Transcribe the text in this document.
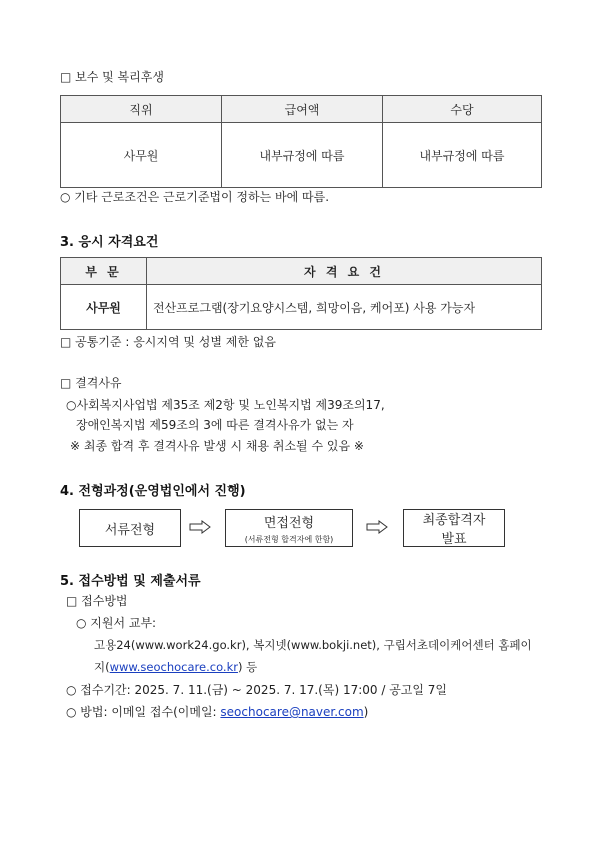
□ 보수 및 복리후생
직위	급여액	수당
사무원	내부규정에 따름	내부규정에 따름
○ 기타 근로조건은 근로기준법이 정하는 바에 따름.
3. 응시 자격요건
부 문	자 격 요 건
사무원	전산프로그램(장기요양시스템, 희망이음, 케어포) 사용 가능자
□ 공통기준 : 응시지역 및 성별 제한 없음
□ 결격사유
○사회복지사업법 제35조 제2항 및 노인복지법 제39조의17,
장애인복지법 제59조의 3에 따른 결격사유가 없는 자
※ 최종 합격 후 결격사유 발생 시 채용 취소될 수 있음 ※
4. 전형과정(운영법인에서 진행)
서류전형	면접전형
(서류전형 합격자에 한함)
최종합격자
발표
5. 접수방법 및 제출서류
□ 접수방법
○ 지원서 교부:
고용24(www.work24.go.kr), 복지넷(www.bokji.net), 구립서초데이케어센터 홈페이
지(www.seochocare.co.kr) 등
○ 접수기간: 2025. 7. 11.(금) ~ 2025. 7. 17.(목) 17:00 / 공고일 7일
○ 방법: 이메일 접수(이메일: seochocare@naver.com)
